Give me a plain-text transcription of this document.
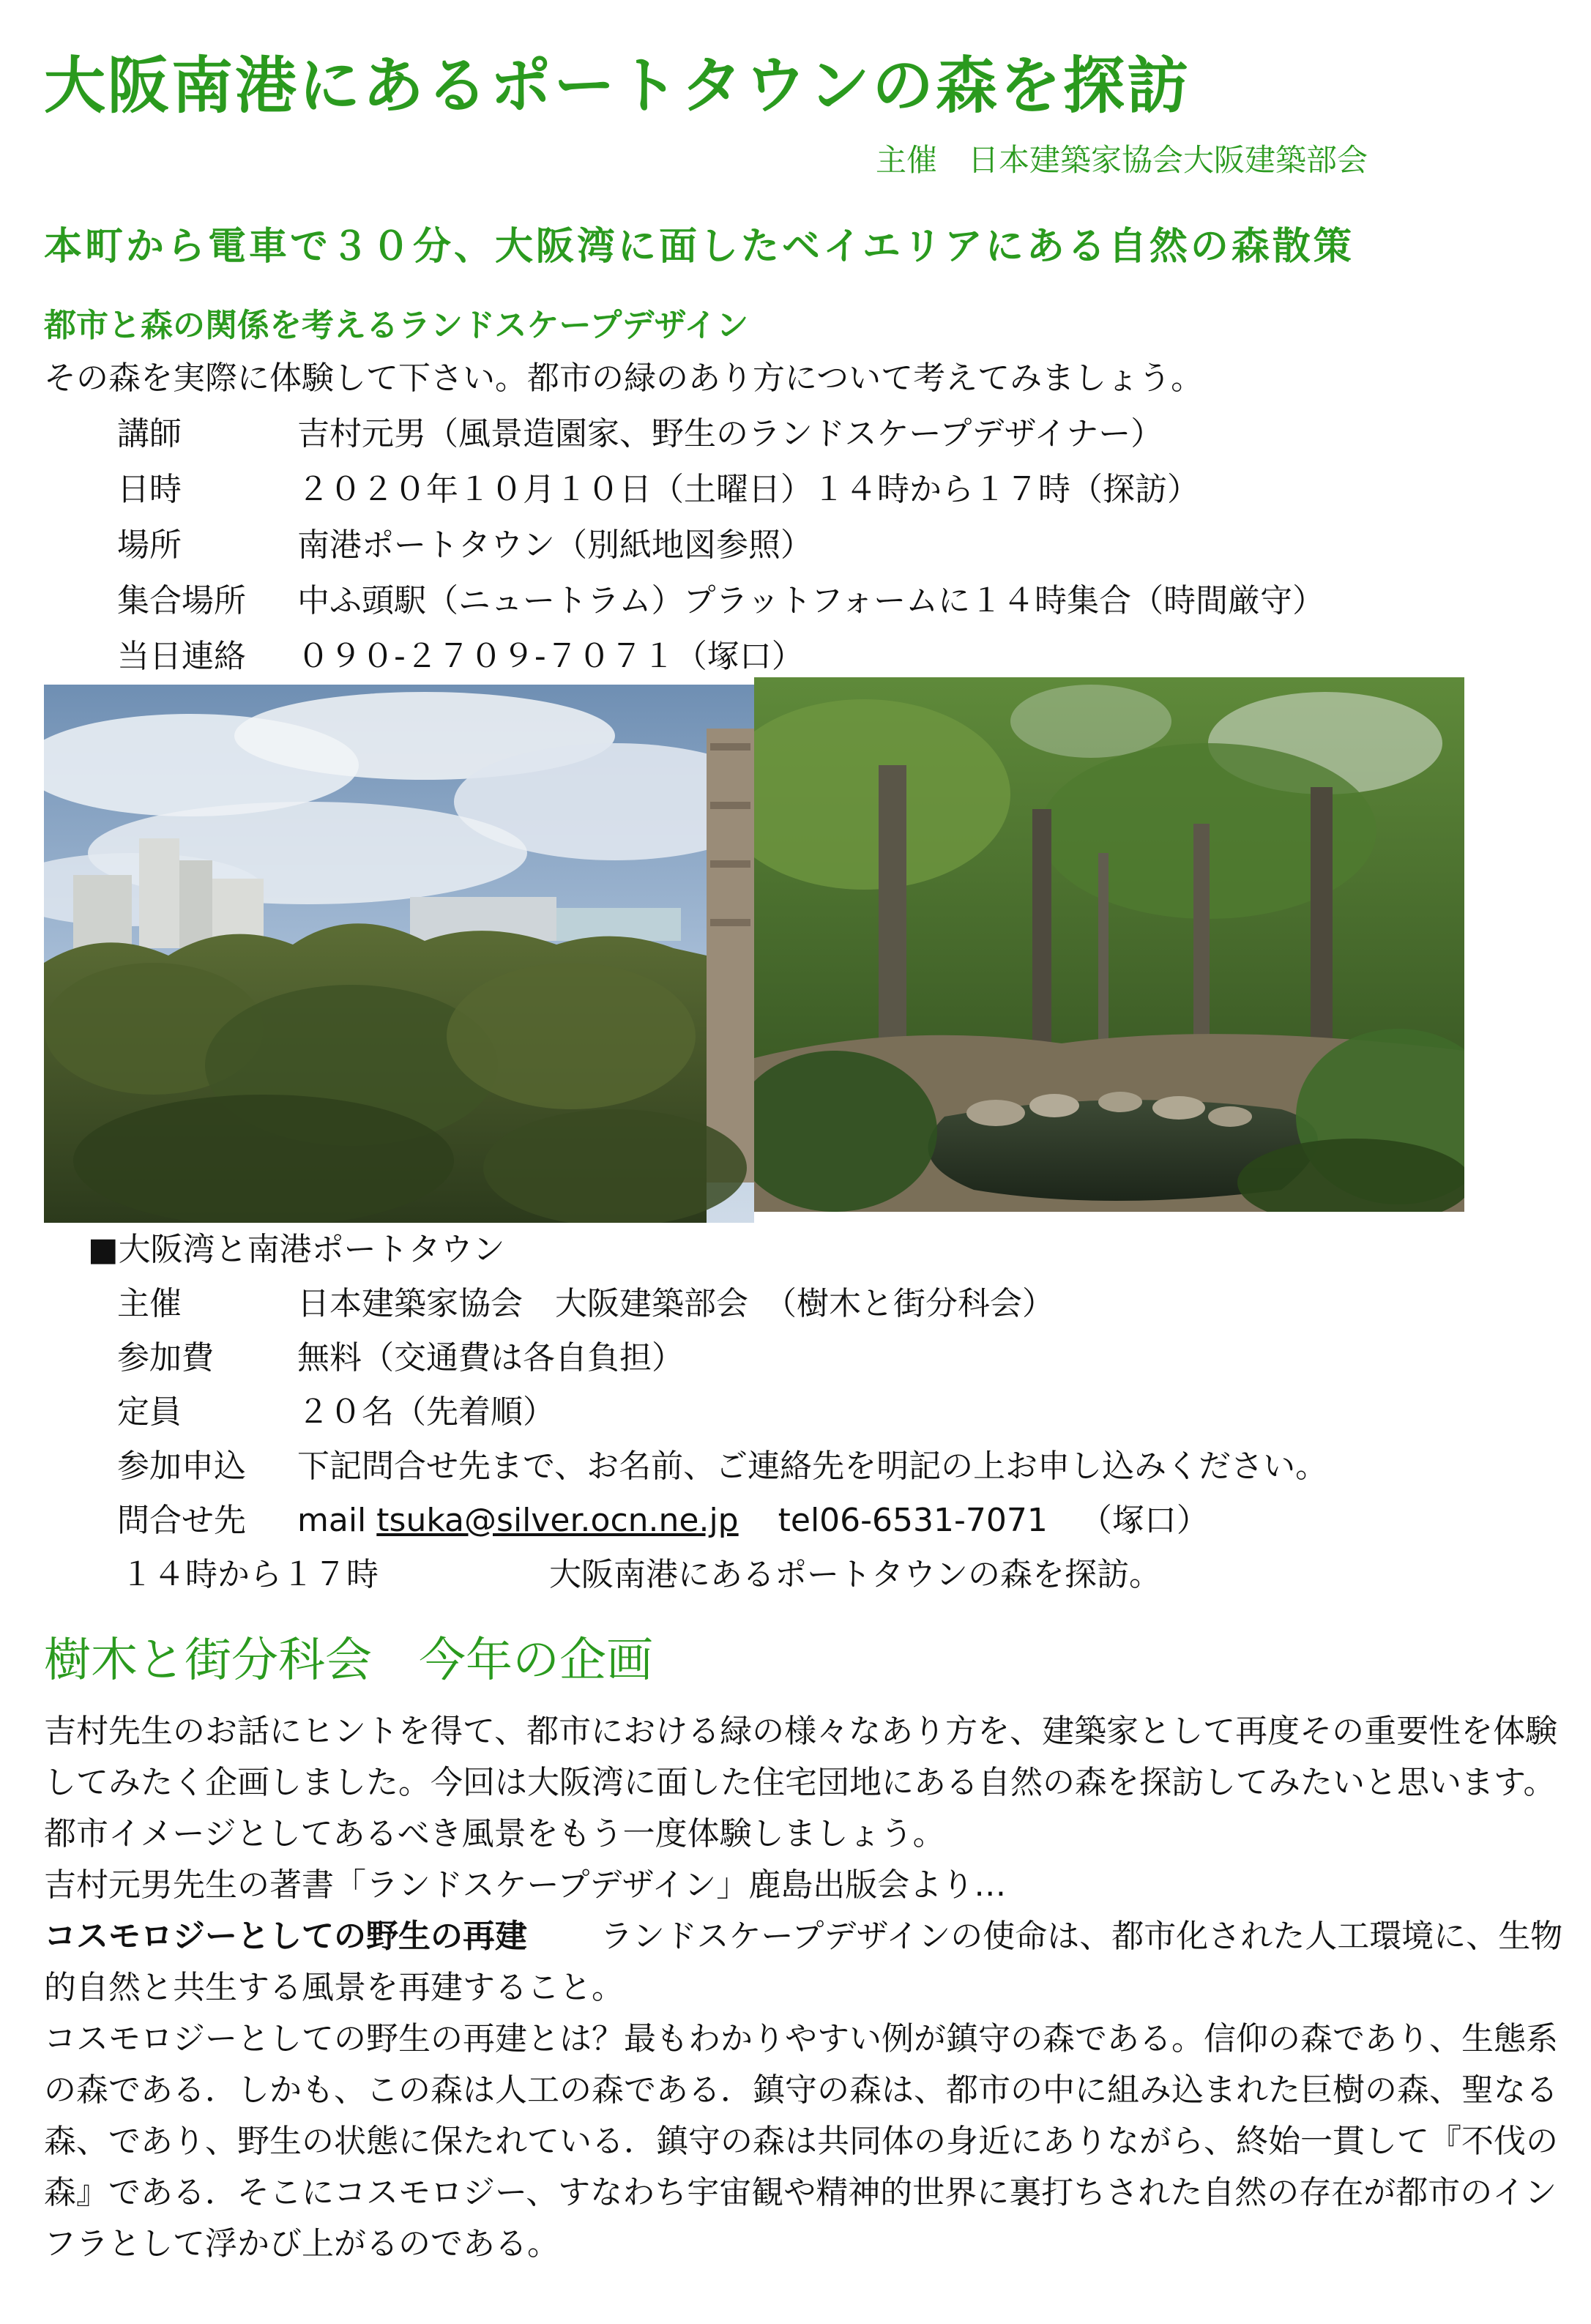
大阪南港にあるポートタウンの森を探訪
主催　日本建築家協会大阪建築部会
本町から電車で３０分、大阪湾に面したベイエリアにある自然の森散策
都市と森の関係を考えるランドスケープデザイン
その森を実際に体験して下さい。都市の緑のあり方について考えてみましょう。
講師	吉村元男（風景造園家、野生のランドスケープデザイナー）
日時	２０２０年１０月１０日（土曜日）１４時から１７時（探訪）
場所	南港ポートタウン（別紙地図参照）
集合場所 中ふ頭駅（ニュートラム）プラットフォームに１４時集合（時間厳守）
当日連絡 ０９０-２７０９-７０７１（塚口）
■大阪湾と南港ポートタウン
主催	日本建築家協会　大阪建築部会　（樹木と街分科会）
参加費	無料（交通費は各自負担）
定員	２０名（先着順）
参加申込 下記問合せ先まで、お名前、ご連絡先を明記の上お申し込みください。
問合せ先 mail tsuka@silver.ocn.ne.jp tel06-6531-7071 （塚口）
１４時から１７時	大阪南港にあるポートタウンの森を探訪。
樹木と街分科会　今年の企画
吉村先生のお話にヒントを得て、都市における緑の様々なあり方を、建築家として再度その重要性を体験してみたく企画しました。今回は大阪湾に面した住宅団地にある自然の森を探訪してみたいと思います。都市イメージとしてあるべき風景をもう一度体験しましょう。
吉村元男先生の著書「ランドスケープデザイン」鹿島出版会より…
コスモロジーとしての野生の再建 ランドスケープデザインの使命は、都市化された人工環境に、生物的自然と共生する風景を再建すること。
コスモロジーとしての野生の再建とは？最もわかりやすい例が鎮守の森である。信仰の森であり、生態系の森である．しかも、この森は人工の森である．鎮守の森は、都市の中に組み込まれた巨樹の森、聖なる森、であり、野生の状態に保たれている．鎮守の森は共同体の身近にありながら、終始一貫して『不伐の森』である．そこにコスモロジー、すなわち宇宙観や精神的世界に裏打ちされた自然の存在が都市のインフラとして浮かび上がるのである。
